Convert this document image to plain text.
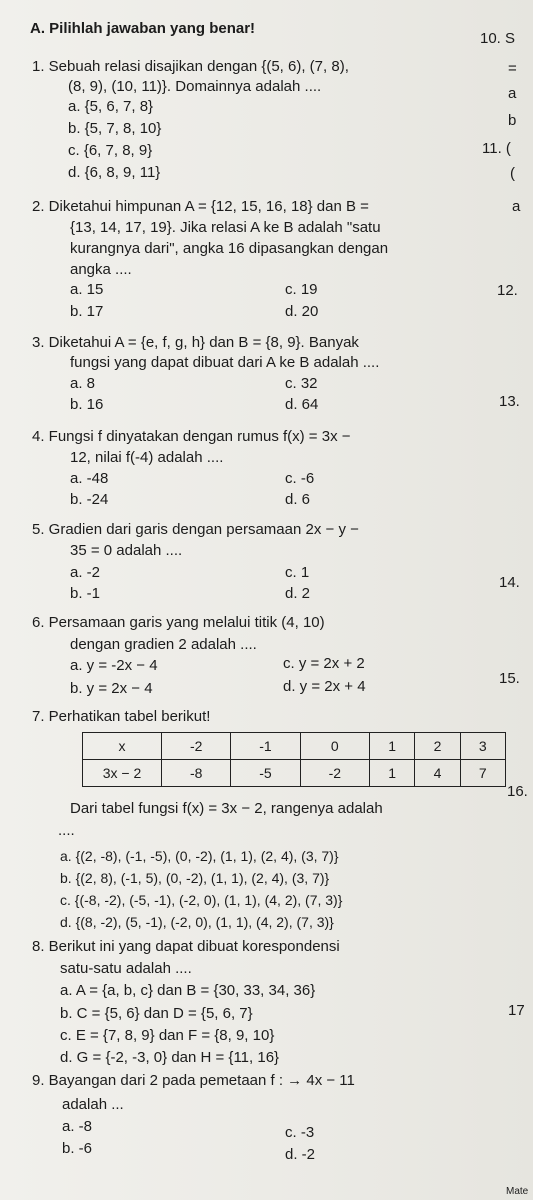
A. Pilihlah jawaban yang benar!
1. Sebuah relasi disajikan dengan {(5, 6), (7, 8),
(8, 9), (10, 11)}. Domainnya adalah ....
a. {5, 6, 7, 8}
b. {5, 7, 8, 10}
c. {6, 7, 8, 9}
d. {6, 8, 9, 11}
2. Diketahui himpunan A = {12, 15, 16, 18} dan B =
{13, 14, 17, 19}. Jika relasi A ke B adalah "satu
kurangnya dari", angka 16 dipasangkan dengan
angka ....
a. 15	c. 19
b. 17	d. 20
3. Diketahui A = {e, f, g, h} dan B = {8, 9}. Banyak
fungsi yang dapat dibuat dari A ke B adalah ....
a. 8	c. 32
b. 16	d. 64
4. Fungsi f dinyatakan dengan rumus f(x) = 3x −
12, nilai f(-4) adalah ....
a. -48	c. -6
b. -24	d. 6
5. Gradien dari garis dengan persamaan 2x − y −
35 = 0 adalah ....
a. -2	c. 1
b. -1	d. 2
6. Persamaan garis yang melalui titik (4, 10)
dengan gradien 2 adalah ....
a. y = -2x − 4	c. y = 2x + 2
b. y = 2x − 4	d. y = 2x + 4
7. Perhatikan tabel berikut!
x	-2	-1	0	1	2	3
3x − 2	-8	-5	-2	1	4	7
Dari tabel fungsi f(x) = 3x − 2, rangenya adalah
....
a. {(2, -8), (-1, -5), (0, -2), (1, 1), (2, 4), (3, 7)}
b. {(2, 8), (-1, 5), (0, -2), (1, 1), (2, 4), (3, 7)}
c. {(-8, -2), (-5, -1), (-2, 0), (1, 1), (4, 2), (7, 3)}
d. {(8, -2), (5, -1), (-2, 0), (1, 1), (4, 2), (7, 3)}
8. Berikut ini yang dapat dibuat korespondensi
satu-satu adalah ....
a. A = {a, b, c} dan B = {30, 33, 34, 36}
b. C = {5, 6} dan D = {5, 6, 7}
c. E = {7, 8, 9} dan F = {8, 9, 10}
d. G = {-2, -3, 0} dan H = {11, 16}
9. Bayangan dari 2 pada pemetaan f : → 4x − 11
adalah ...
a. -8	c. -3
b. -6	d. -2
10. S
=
a
b
11. (
(
a
12.
13.
14.
15.
16.
17
Mate
